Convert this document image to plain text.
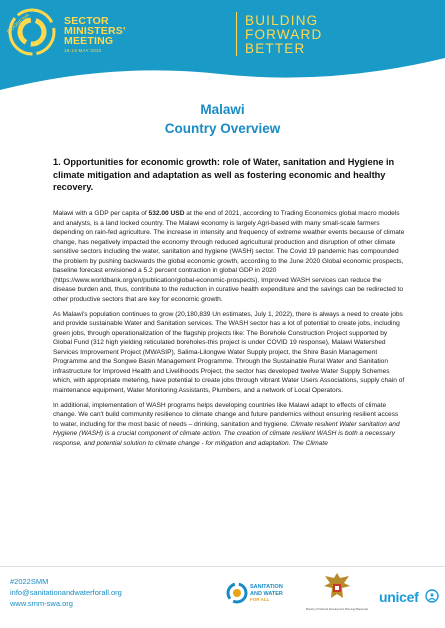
INDONESIA	SECTOR
MINISTERS'
MEETING
18-19 MAY 2022
BUILDING
FORWARD
BETTER
Malawi
Country Overview
1. Opportunities for economic growth: role of Water, sanitation and Hygiene in climate mitigation and adaptation as well as fostering economic and healthy recovery.

Malawi with a GDP per capita of 532.00 USD at the end of 2021, according to Trading Economics global macro models and analysts, is a land locked country. The Malawi economy is largely Agri-based with many small-scale farmers depending on rain-fed agriculture. The increase in intensity and frequency of extreme weather events because of climate change, has negatively impacted the economy through reduced agricultural production and disruption of other climate sensitive sectors including the water, sanitation and hygiene (WASH) sector. The Covid 19 pandemic has compounded the problem by pushing backwards the global economic growth, according to the June 2020 Global economic prospects, baseline forecast envisioned a 5.2 percent contraction in global GDP in 2020 (https://www.worldbank.org/en/publication/global-economic-prospects). Improved WASH services can reduce the disease burden and, thus, contribute to the reduction in curative health expenditure and the savings can be redirected to other productive sectors that are key for economic growth.

As Malawi's population continues to grow (20,180,839 Un estimates, July 1, 2022), there is always a need to create jobs and provide sustainable Water and Sanitation services. The WASH sector has a lot of potential to create jobs, including green jobs, through operationalization of the flagship projects like: The Borehole Construction Project supported by Global Fund (312 high yielding reticulated boreholes-this project is under COVID 19 response), Malawi Watershed Services Improvement Project (MWASIP), Salima-Lilongwe Water Supply project, the Shire Basin Management Programme and the Songwe Basin Management Programme. Through the Sustainable Rural Water and Sanitation infrastructure for Improved Health and Livelihoods Project, the sector has developed twelve Water Supply Schemes which, with appropriate metering, have potential to create jobs through vibrant Water Users Associations, supply chain of maintenance equipment, Water Monitoring Assistants, Plumbers, and a network of Local Operators.

In additional, implementation of WASH programs helps developing countries like Malawi adapt to effects of climate change. We can't build community resilience to climate change and future pandemics without ensuring resilient access to water, including for the most basic of needs – drinking, sanitation and hygiene. Climate resilient Water sanitation and Hygiene (WASH) is a crucial component of climate action. The creation of climate resilient WASH is both a necessary response, and potential solution to climate change - for mitigation and adaptation. The Climate

#2022SMM
info@sanitationandwaterforall.org
www.smm-swa.org
SANITATION
AND WATER
FOR ALL
Ministry of National Development Planning/ Bappenas
unicef
